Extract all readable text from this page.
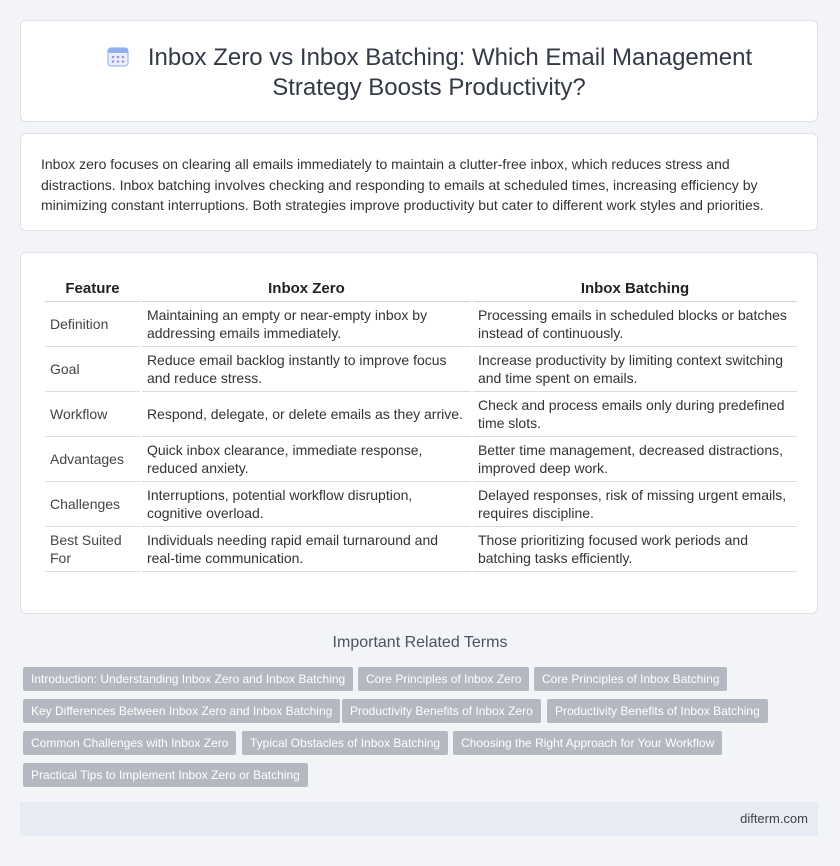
Inbox Zero vs Inbox Batching: Which Email Management Strategy Boosts Productivity?

Inbox zero focuses on clearing all emails immediately to maintain a clutter-free inbox, which reduces stress and distractions. Inbox batching involves checking and responding to emails at scheduled times, increasing efficiency by minimizing constant interruptions. Both strategies improve productivity but cater to different work styles and priorities.

Feature	Inbox Zero	Inbox Batching
Definition	Maintaining an empty or near-empty inbox by addressing emails immediately.	Processing emails in scheduled blocks or batches instead of continuously.
Goal	Reduce email backlog instantly to improve focus and reduce stress.	Increase productivity by limiting context switching and time spent on emails.
Workflow	Respond, delegate, or delete emails as they arrive.	Check and process emails only during predefined time slots.
Advantages	Quick inbox clearance, immediate response, reduced anxiety.	Better time management, decreased distractions, improved deep work.
Challenges	Interruptions, potential workflow disruption, cognitive overload.	Delayed responses, risk of missing urgent emails, requires discipline.
Best Suited For	Individuals needing rapid email turnaround and real-time communication.	Those prioritizing focused work periods and batching tasks efficiently.
Important Related Terms
Introduction: Understanding Inbox Zero and Inbox Batching	Core Principles of Inbox Zero	Core Principles of Inbox Batching
Key Differences Between Inbox Zero and Inbox Batching	Productivity Benefits of Inbox Zero	Productivity Benefits of Inbox Batching
Common Challenges with Inbox Zero	Typical Obstacles of Inbox Batching	Choosing the Right Approach for Your Workflow
Practical Tips to Implement Inbox Zero or Batching
difterm.com
